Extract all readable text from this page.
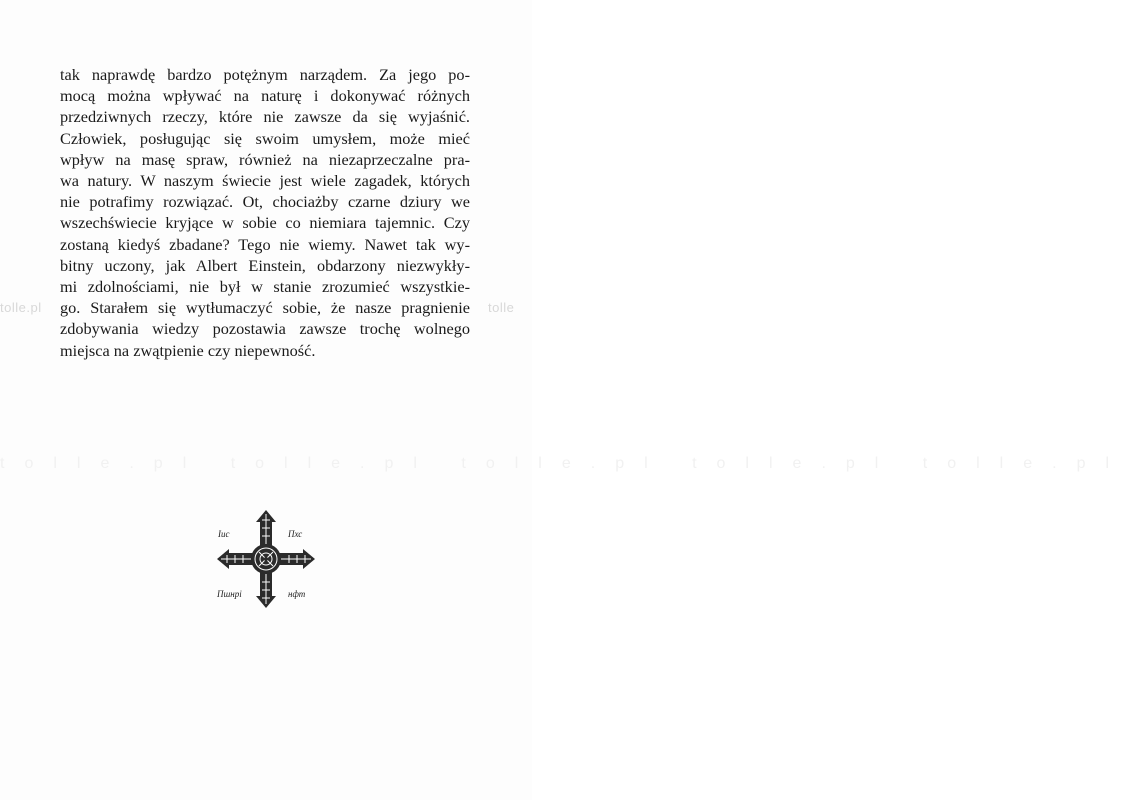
tolle.pl	tolle
tolle.pl tolle.pl tolle.pl tolle.pl tolle.pl
tak naprawdę bardzo potężnym narządem. Za jego po-
mocą można wpływać na naturę i dokonywać różnych
przedziwnych rzeczy, które nie zawsze da się wyjaśnić.
Człowiek, posługując się swoim umysłem, może mieć
wpływ na masę spraw, również na niezaprzeczalne pra-
wa natury. W naszym świecie jest wiele zagadek, których
nie potrafimy rozwiązać. Ot, chociażby czarne dziury we
wszechświecie kryjące w sobie co niemiara tajemnic. Czy
zostaną kiedyś zbadane? Tego nie wiemy. Nawet tak wy-
bitny uczony, jak Albert Einstein, obdarzony niezwykły-
mi zdolnościami, nie był w stanie zrozumieć wszystkie-
go. Starałem się wytłumaczyć sobie, że nasze pragnienie
zdobywania wiedzy pozostawia zawsze trochę wolnego
miejsca na zwątpienie czy niepewność.
Іис	Пхс
Пшнрі	нфт
